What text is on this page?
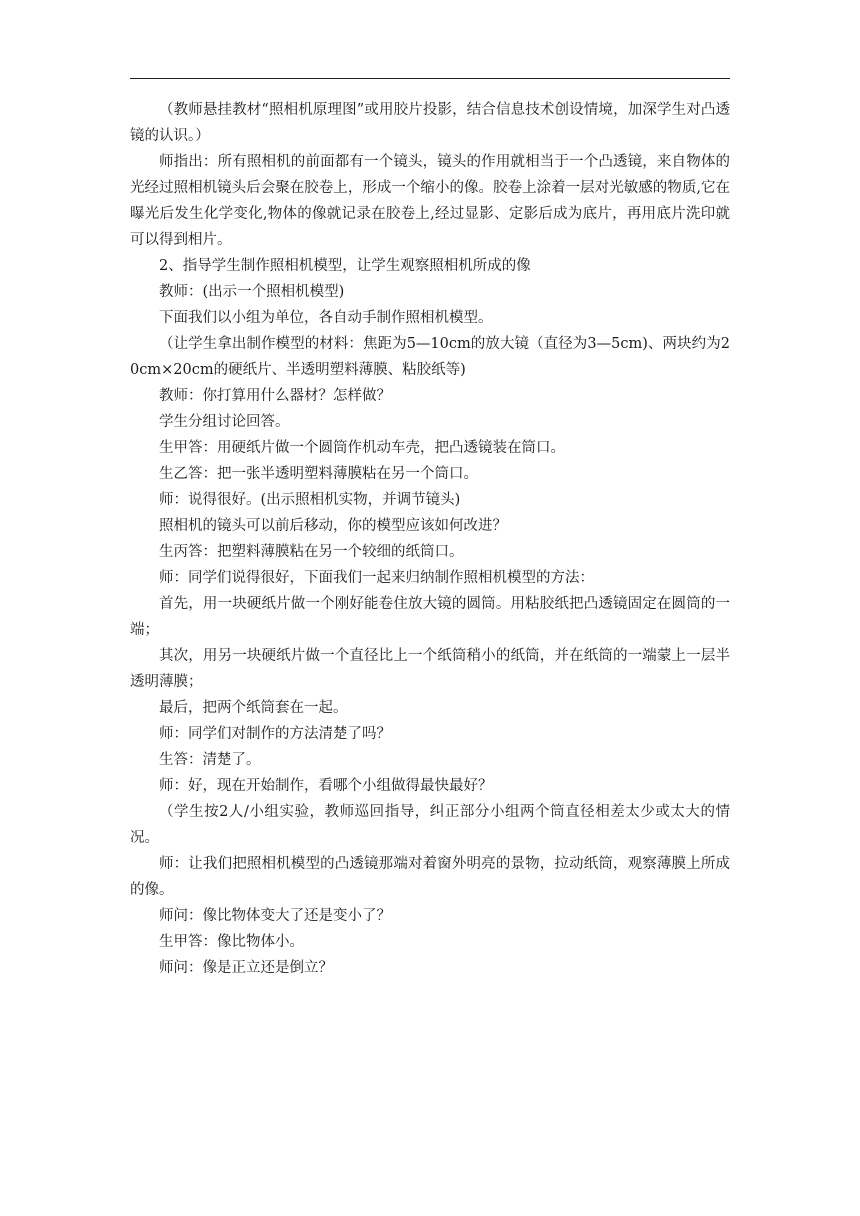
（教师悬挂教材“照相机原理图”或用胶片投影，结合信息技术创设情境，加深学生对凸透镜的认识。）

师指出：所有照相机的前面都有一个镜头，镜头的作用就相当于一个凸透镜，来自物体的光经过照相机镜头后会聚在胶卷上，形成一个缩小的像。胶卷上涂着一层对光敏感的物质,它在曝光后发生化学变化,物体的像就记录在胶卷上,经过显影、定影后成为底片，再用底片洗印就可以得到相片。

2、指导学生制作照相机模型，让学生观察照相机所成的像

教师：(出示一个照相机模型)

下面我们以小组为单位，各自动手制作照相机模型。

（让学生拿出制作模型的材料：焦距为5—10cm的放大镜（直径为3—5cm)、两块约为20cm×20cm的硬纸片、半透明塑料薄膜、粘胶纸等)

教师：你打算用什么器材？怎样做？

学生分组讨论回答。

生甲答：用硬纸片做一个圆筒作机动车壳，把凸透镜装在筒口。

生乙答：把一张半透明塑料薄膜粘在另一个筒口。

师：说得很好。(出示照相机实物，并调节镜头)

照相机的镜头可以前后移动，你的模型应该如何改进？

生丙答：把塑料薄膜粘在另一个较细的纸筒口。

师：同学们说得很好，下面我们一起来归纳制作照相机模型的方法：

首先，用一块硬纸片做一个刚好能卷住放大镜的圆筒。用粘胶纸把凸透镜固定在圆筒的一端；

其次，用另一块硬纸片做一个直径比上一个纸筒稍小的纸筒，并在纸筒的一端蒙上一层半透明薄膜；

最后，把两个纸筒套在一起。

师：同学们对制作的方法清楚了吗？

生答：清楚了。

师：好，现在开始制作，看哪个小组做得最快最好？

（学生按2人/小组实验，教师巡回指导，纠正部分小组两个筒直径相差太少或太大的情况。

师：让我们把照相机模型的凸透镜那端对着窗外明亮的景物，拉动纸筒，观察薄膜上所成的像。

师问：像比物体变大了还是变小了？

生甲答：像比物体小。

师问：像是正立还是倒立？
